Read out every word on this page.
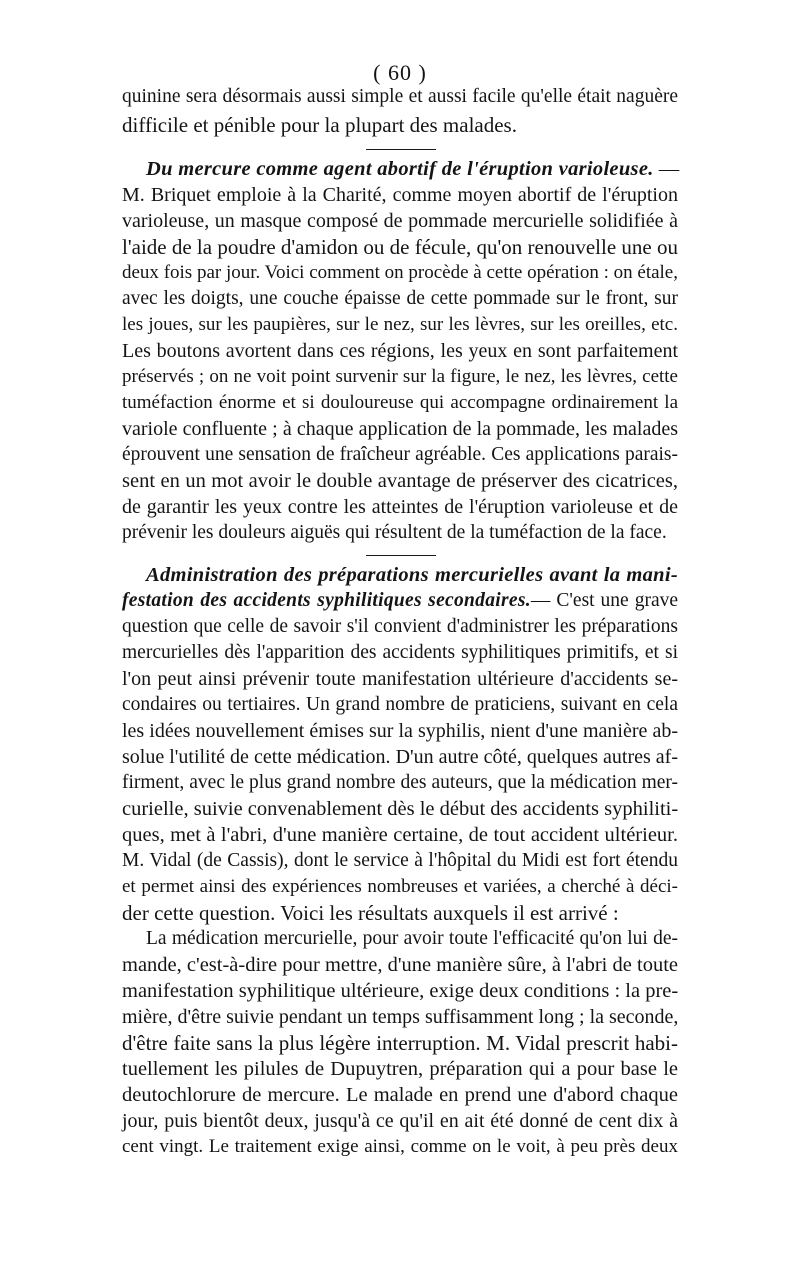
( 60 )
quinine sera désormais aussi simple et aussi facile qu'elle était naguère
difficile et pénible pour la plupart des malades.
Du mercure comme agent abortif de l'éruption varioleuse. —
M. Briquet emploie à la Charité, comme moyen abortif de l'éruption
varioleuse, un masque composé de pommade mercurielle solidifiée à
l'aide de la poudre d'amidon ou de fécule, qu'on renouvelle une ou
deux fois par jour. Voici comment on procède à cette opération : on étale,
avec les doigts, une couche épaisse de cette pommade sur le front, sur
les joues, sur les paupières, sur le nez, sur les lèvres, sur les oreilles, etc.
Les boutons avortent dans ces régions, les yeux en sont parfaitement
préservés ; on ne voit point survenir sur la figure, le nez, les lèvres, cette
tuméfaction énorme et si douloureuse qui accompagne ordinairement la
variole confluente ; à chaque application de la pommade, les malades
éprouvent une sensation de fraîcheur agréable. Ces applications parais-
sent en un mot avoir le double avantage de préserver des cicatrices,
de garantir les yeux contre les atteintes de l'éruption varioleuse et de
prévenir les douleurs aiguës qui résultent de la tuméfaction de la face.
Administration des préparations mercurielles avant la mani-
festation des accidents syphilitiques secondaires.— C'est une grave
question que celle de savoir s'il convient d'administrer les préparations
mercurielles dès l'apparition des accidents syphilitiques primitifs, et si
l'on peut ainsi prévenir toute manifestation ultérieure d'accidents se-
condaires ou tertiaires. Un grand nombre de praticiens, suivant en cela
les idées nouvellement émises sur la syphilis, nient d'une manière ab-
solue l'utilité de cette médication. D'un autre côté, quelques autres af-
firment, avec le plus grand nombre des auteurs, que la médication mer-
curielle, suivie convenablement dès le début des accidents syphiliti-
ques, met à l'abri, d'une manière certaine, de tout accident ultérieur.
M. Vidal (de Cassis), dont le service à l'hôpital du Midi est fort étendu
et permet ainsi des expériences nombreuses et variées, a cherché à déci-
der cette question. Voici les résultats auxquels il est arrivé :
La médication mercurielle, pour avoir toute l'efficacité qu'on lui de-
mande, c'est-à-dire pour mettre, d'une manière sûre, à l'abri de toute
manifestation syphilitique ultérieure, exige deux conditions : la pre-
mière, d'être suivie pendant un temps suffisamment long ; la seconde,
d'être faite sans la plus légère interruption. M. Vidal prescrit habi-
tuellement les pilules de Dupuytren, préparation qui a pour base le
deutochlorure de mercure. Le malade en prend une d'abord chaque
jour, puis bientôt deux, jusqu'à ce qu'il en ait été donné de cent dix à
cent vingt. Le traitement exige ainsi, comme on le voit, à peu près deux
